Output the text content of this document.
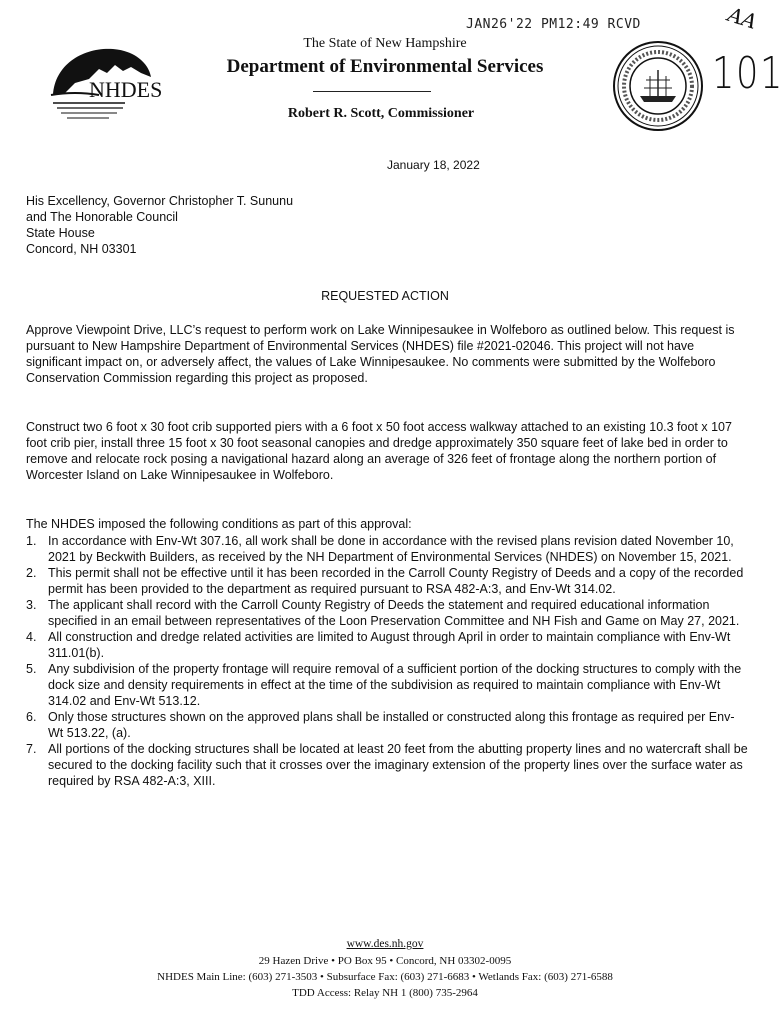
JAN26'22 PM12:49 RCVD	AA
101
NHDES
The State of New Hampshire
Department of Environmental Services
Robert R. Scott, Commissioner
January 18, 2022
His Excellency, Governor Christopher T. Sununu
and The Honorable Council
State House
Concord, NH 03301
REQUESTED ACTION
Approve Viewpoint Drive, LLC’s request to perform work on Lake Winnipesaukee in Wolfeboro as outlined below. This request is pursuant to New Hampshire Department of Environmental Services (NHDES) file #2021-02046. This project will not have significant impact on, or adversely affect, the values of Lake Winnipesaukee. No comments were submitted by the Wolfeboro Conservation Commission regarding this project as proposed.
Construct two 6 foot x 30 foot crib supported piers with a 6 foot x 50 foot access walkway attached to an existing 10.3 foot x 107 foot crib pier, install three 15 foot x 30 foot seasonal canopies and dredge approximately 350 square feet of lake bed in order to remove and relocate rock posing a navigational hazard along an average of 326 feet of frontage along the northern portion of Worcester Island on Lake Winnipesaukee in Wolfeboro.
The NHDES imposed the following conditions as part of this approval:
1. In accordance with Env-Wt 307.16, all work shall be done in accordance with the revised plans revision dated November 10, 2021 by Beckwith Builders, as received by the NH Department of Environmental Services (NHDES) on November 15, 2021.
2. This permit shall not be effective until it has been recorded in the Carroll County Registry of Deeds and a copy of the recorded permit has been provided to the department as required pursuant to RSA 482-A:3, and Env-Wt 314.02.
3. The applicant shall record with the Carroll County Registry of Deeds the statement and required educational information specified in an email between representatives of the Loon Preservation Committee and NH Fish and Game on May 27, 2021.
4. All construction and dredge related activities are limited to August through April in order to maintain compliance with Env-Wt 311.01(b).
5. Any subdivision of the property frontage will require removal of a sufficient portion of the docking structures to comply with the dock size and density requirements in effect at the time of the subdivision as required to maintain compliance with Env-Wt 314.02 and Env-Wt 513.12.
6. Only those structures shown on the approved plans shall be installed or constructed along this frontage as required per Env-Wt 513.22, (a).
7. All portions of the docking structures shall be located at least 20 feet from the abutting property lines and no watercraft shall be secured to the docking facility such that it crosses over the imaginary extension of the property lines over the surface water as required by RSA 482-A:3, XIII.
www.des.nh.gov
29 Hazen Drive • PO Box 95 • Concord, NH 03302-0095
NHDES Main Line: (603) 271-3503 • Subsurface Fax: (603) 271-6683 • Wetlands Fax: (603) 271-6588
TDD Access: Relay NH 1 (800) 735-2964
